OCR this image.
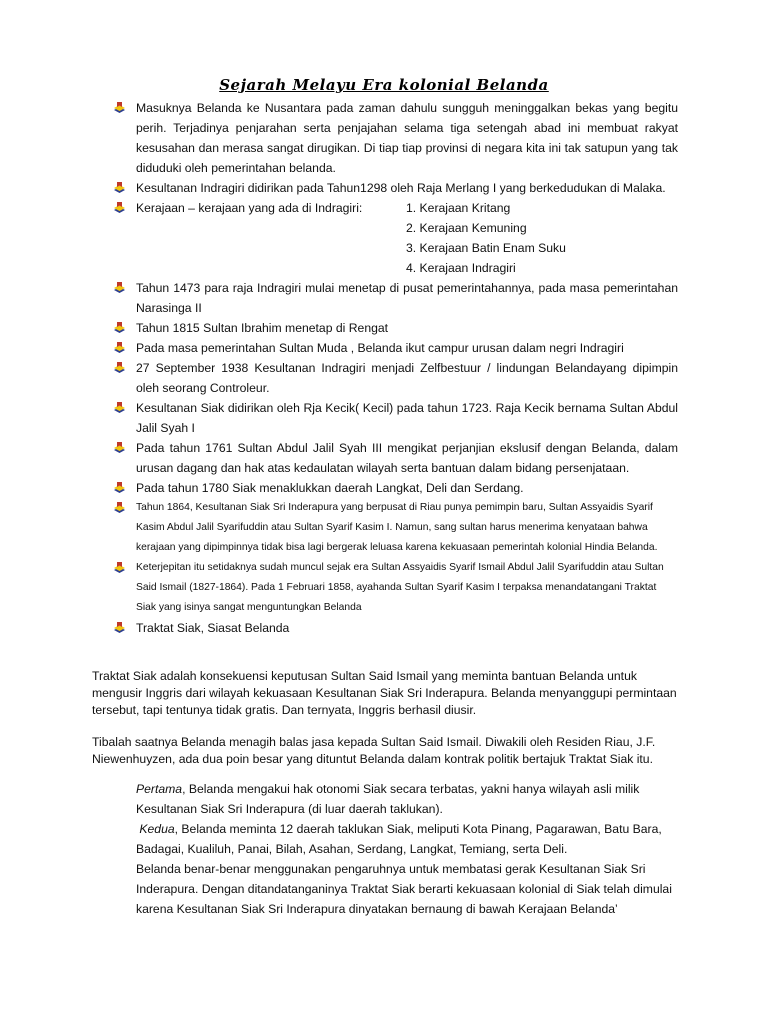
Sejarah Melayu Era kolonial Belanda
Masuknya Belanda ke Nusantara pada zaman dahulu sungguh meninggalkan bekas yang begitu perih. Terjadinya penjarahan serta penjajahan selama tiga setengah abad ini membuat rakyat kesusahan dan merasa sangat dirugikan. Di tiap tiap provinsi di negara kita ini tak satupun yang tak diduduki oleh pemerintahan belanda.
Kesultanan Indragiri didirikan pada Tahun1298 oleh Raja Merlang I yang berkedudukan di Malaka.
Kerajaan – kerajaan yang ada di Indragiri:	1. Kerajaan Kritang
2. Kerajaan Kemuning
3. Kerajaan Batin Enam Suku
4. Kerajaan Indragiri
Tahun 1473 para raja Indragiri mulai menetap di pusat pemerintahannya, pada masa pemerintahan Narasinga II
Tahun 1815 Sultan Ibrahim menetap di Rengat
Pada masa pemerintahan Sultan Muda , Belanda ikut campur urusan dalam negri Indragiri
27 September 1938 Kesultanan Indragiri menjadi Zelfbestuur / lindungan Belandayang dipimpin oleh seorang Controleur.
Kesultanan Siak didirikan oleh Rja Kecik( Kecil) pada tahun 1723. Raja Kecik bernama Sultan Abdul Jalil Syah I
Pada tahun 1761 Sultan Abdul Jalil Syah III mengikat perjanjian ekslusif dengan Belanda, dalam urusan dagang dan hak atas kedaulatan wilayah serta bantuan dalam bidang persenjataan.
Pada tahun 1780 Siak menaklukkan daerah Langkat, Deli dan Serdang.
Tahun 1864, Kesultanan Siak Sri Inderapura yang berpusat di Riau punya pemimpin baru, Sultan Assyaidis Syarif Kasim Abdul Jalil Syarifuddin atau Sultan Syarif Kasim I. Namun, sang sultan harus menerima kenyataan bahwa kerajaan yang dipimpinnya tidak bisa lagi bergerak leluasa karena kekuasaan pemerintah kolonial Hindia Belanda.
Keterjepitan itu setidaknya sudah muncul sejak era Sultan Assyaidis Syarif Ismail Abdul Jalil Syarifuddin atau Sultan Said Ismail (1827-1864). Pada 1 Februari 1858, ayahanda Sultan Syarif Kasim I terpaksa menandatangani Traktat Siak yang isinya sangat menguntungkan Belanda
Traktat Siak, Siasat Belanda

Traktat Siak adalah konsekuensi keputusan Sultan Said Ismail yang meminta bantuan Belanda untuk mengusir Inggris dari wilayah kekuasaan Kesultanan Siak Sri Inderapura. Belanda menyanggupi permintaan tersebut, tapi tentunya tidak gratis. Dan ternyata, Inggris berhasil diusir.

Tibalah saatnya Belanda menagih balas jasa kepada Sultan Said Ismail. Diwakili oleh Residen Riau, J.F. Niewenhuyzen, ada dua poin besar yang dituntut Belanda dalam kontrak politik bertajuk Traktat Siak itu.

Pertama, Belanda mengakui hak otonomi Siak secara terbatas, yakni hanya wilayah asli milik Kesultanan Siak Sri Inderapura (di luar daerah taklukan).

Kedua, Belanda meminta 12 daerah taklukan Siak, meliputi Kota Pinang, Pagarawan, Batu Bara, Badagai, Kualiluh, Panai, Bilah, Asahan, Serdang, Langkat, Temiang, serta Deli.

Belanda benar-benar menggunakan pengaruhnya untuk membatasi gerak Kesultanan Siak Sri Inderapura. Dengan ditandatanganinya Traktat Siak berarti kekuasaan kolonial di Siak telah dimulai karena Kesultanan Siak Sri Inderapura dinyatakan bernaung di bawah Kerajaan Belanda’
